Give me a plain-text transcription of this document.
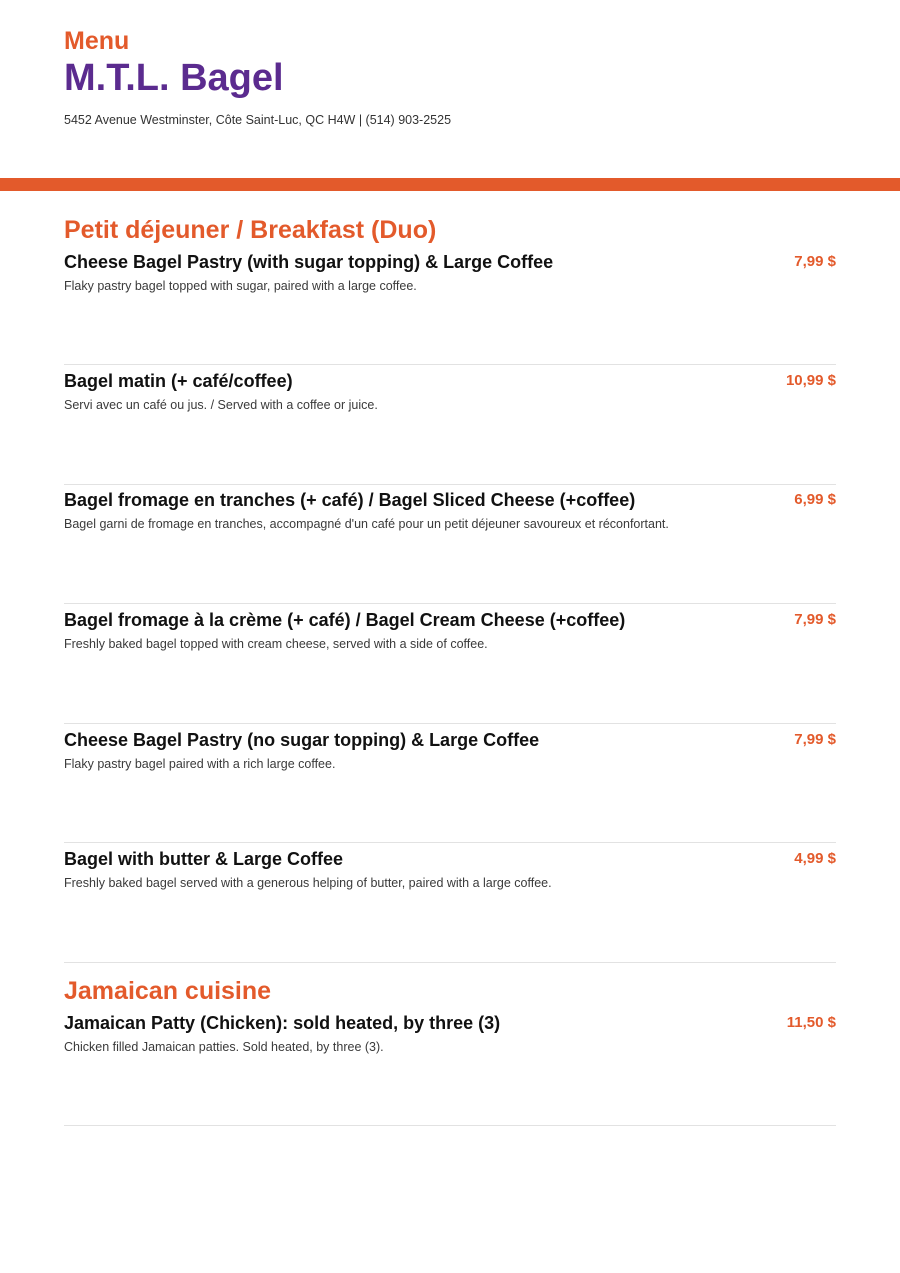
Menu
M.T.L. Bagel
5452 Avenue Westminster, Côte Saint-Luc, QC H4W | (514) 903-2525
Petit déjeuner / Breakfast (Duo)
Cheese Bagel Pastry (with sugar topping) & Large Coffee	7,99 $
Flaky pastry bagel topped with sugar, paired with a large coffee.
Bagel matin (+ café/coffee)	10,99 $
Servi avec un café ou jus. / Served with a coffee or juice.
Bagel fromage en tranches (+ café) / Bagel Sliced Cheese (+coffee)	6,99 $
Bagel garni de fromage en tranches, accompagné d'un café pour un petit déjeuner savoureux et réconfortant.
Bagel fromage à la crème (+ café) / Bagel Cream Cheese (+coffee)	7,99 $
Freshly baked bagel topped with cream cheese, served with a side of coffee.
Cheese Bagel Pastry (no sugar topping) & Large Coffee	7,99 $
Flaky pastry bagel paired with a rich large coffee.
Bagel with butter & Large Coffee	4,99 $
Freshly baked bagel served with a generous helping of butter, paired with a large coffee.
Jamaican cuisine
Jamaican Patty (Chicken): sold heated, by three (3)	11,50 $
Chicken filled Jamaican patties. Sold heated, by three (3).
